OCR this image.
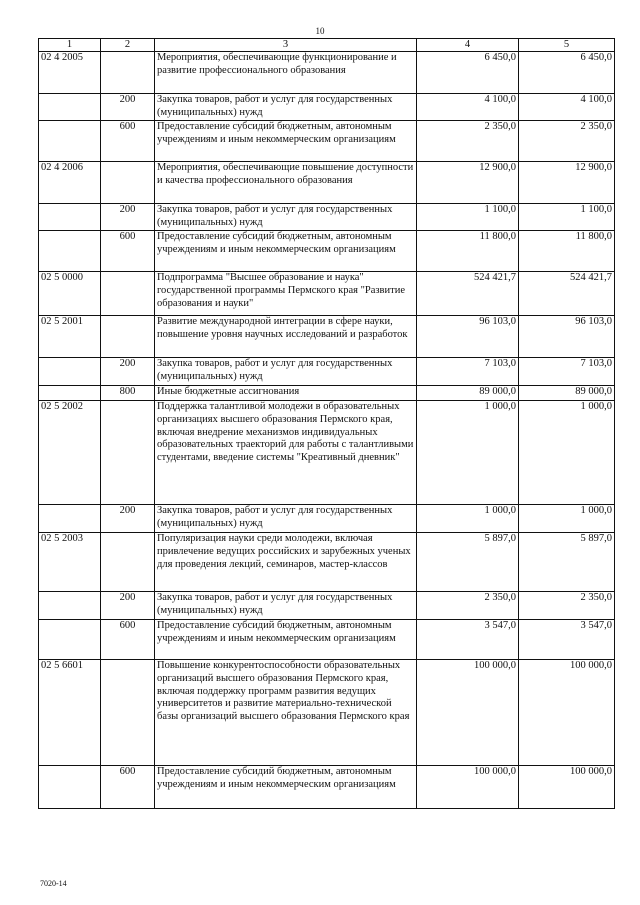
10
1	2	3	4	5
02 4 2005		Мероприятия, обеспечивающие функционирование и развитие профессионального образования	6 450,0	6 450,0
	200	Закупка товаров, работ и услуг для государственных (муниципальных) нужд	4 100,0	4 100,0
	600	Предоставление субсидий бюджетным, автономным учреждениям и иным некоммерческим организациям	2 350,0	2 350,0
02 4 2006		Мероприятия, обеспечивающие повышение доступности и качества профессионального образования	12 900,0	12 900,0
	200	Закупка товаров, работ и услуг для государственных (муниципальных) нужд	1 100,0	1 100,0
	600	Предоставление субсидий бюджетным, автономным учреждениям и иным некоммерческим организациям	11 800,0	11 800,0
02 5 0000		Подпрограмма "Высшее образование и наука" государственной программы Пермского края "Развитие образования и науки"	524 421,7	524 421,7
02 5 2001		Развитие международной интеграции в сфере науки, повышение уровня научных исследований и разработок	96 103,0	96 103,0
	200	Закупка товаров, работ и услуг для государственных (муниципальных) нужд	7 103,0	7 103,0
	800	Иные бюджетные ассигнования	89 000,0	89 000,0
02 5 2002		Поддержка талантливой молодежи в образовательных организациях высшего образования Пермского края, включая внедрение механизмов индивидуальных образовательных траекторий для работы с талантливыми студентами, введение системы "Креативный дневник"	1 000,0	1 000,0
	200	Закупка товаров, работ и услуг для государственных (муниципальных) нужд	1 000,0	1 000,0
02 5 2003		Популяризация науки среди молодежи, включая привлечение ведущих российских и зарубежных ученых для проведения лекций, семинаров, мастер-классов	5 897,0	5 897,0
	200	Закупка товаров, работ и услуг для государственных (муниципальных) нужд	2 350,0	2 350,0
	600	Предоставление субсидий бюджетным, автономным учреждениям и иным некоммерческим организациям	3 547,0	3 547,0
02 5 6601		Повышение конкурентоспособности образовательных организаций высшего образования Пермского края, включая поддержку программ развития ведущих университетов и развитие материально-технической базы организаций высшего образования Пермского края	100 000,0	100 000,0
	600	Предоставление субсидий бюджетным, автономным учреждениям и иным некоммерческим организациям	100 000,0	100 000,0
7020-14
